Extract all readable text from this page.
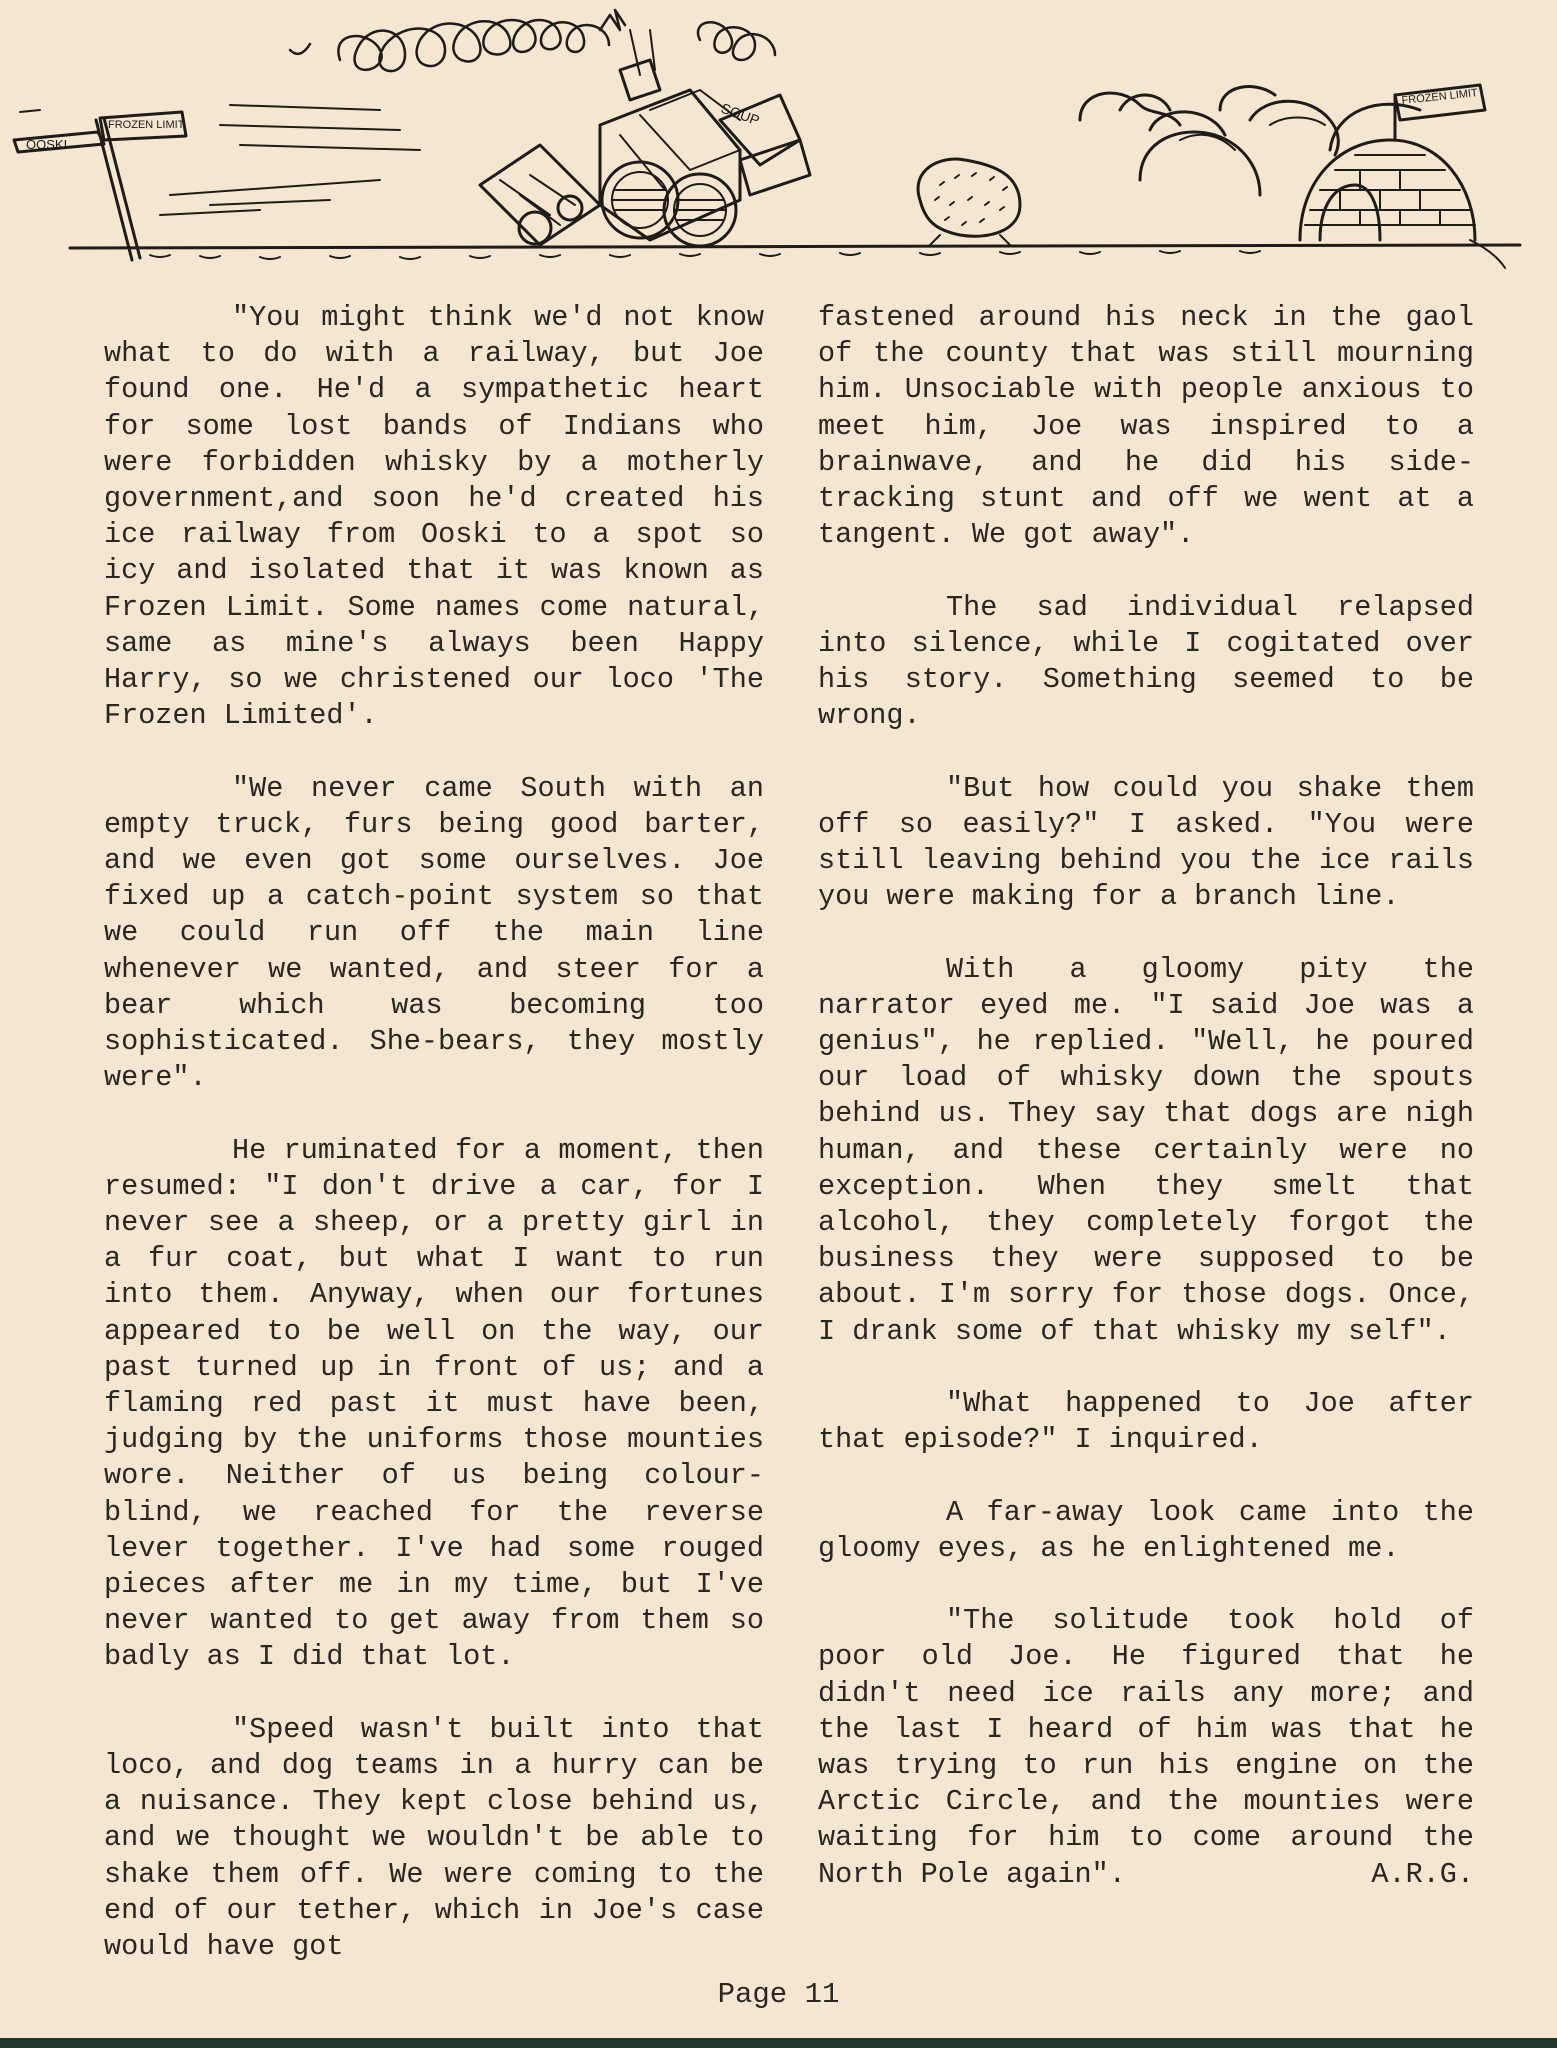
OOSKI
FROZEN LIMIT	SOUP
FROZEN LIMIT

"You might think we'd not know what to do with a railway, but Joe found one. He'd a sympathetic heart for some lost bands of Indians who were forbidden whisky by a motherly government,and soon he'd created his ice railway from Ooski to a spot so icy and isolated that it was known as Frozen Limit. Some names come natural, same as mine's always been Happy Harry, so we christened our loco 'The Frozen Limited'.

"We never came South with an empty truck, furs being good barter, and we even got some ourselves. Joe fixed up a catch-point system so that we could run off the main line whenever we wanted, and steer for a bear which was becoming too sophisticated. She-bears, they mostly were".

He ruminated for a moment, then resumed: "I don't drive a car, for I never see a sheep, or a pretty girl in a fur coat, but what I want to run into them. Anyway, when our fortunes appeared to be well on the way, our past turned up in front of us; and a flaming red past it must have been, judging by the uniforms those mounties wore. Neither of us being colour-blind, we reached for the reverse lever together. I've had some rouged pieces after me in my time, but I've never wanted to get away from them so badly as I did that lot.

"Speed wasn't built into that loco, and dog teams in a hurry can be a nuisance. They kept close behind us, and we thought we wouldn't be able to shake them off. We were coming to the end of our tether, which in Joe's case would have got

fastened around his neck in the gaol of the county that was still mourning him. Unsociable with people anxious to meet him, Joe was inspired to a brainwave, and he did his side-tracking stunt and off we went at a tangent. We got away".

The sad individual relapsed into silence, while I cogitated over his story. Something seemed to be wrong.

"But how could you shake them off so easily?" I asked. "You were still leaving behind you the ice rails you were making for a branch line.

With a gloomy pity the narrator eyed me. "I said Joe was a genius", he replied. "Well, he poured our load of whisky down the spouts behind us. They say that dogs are nigh human, and these certainly were no exception. When they smelt that alcohol, they completely forgot the business they were supposed to be about. I'm sorry for those dogs. Once, I drank some of that whisky my self".

"What happened to Joe after that episode?" I inquired.

A far-away look came into the gloomy eyes, as he enlightened me.

"The solitude took hold of poor old Joe. He figured that he didn't need ice rails any more; and the last I heard of him was that he was trying to run his engine on the Arctic Circle, and the mounties were waiting for him to come around the North Pole again".	A.R.G.

Page 11
